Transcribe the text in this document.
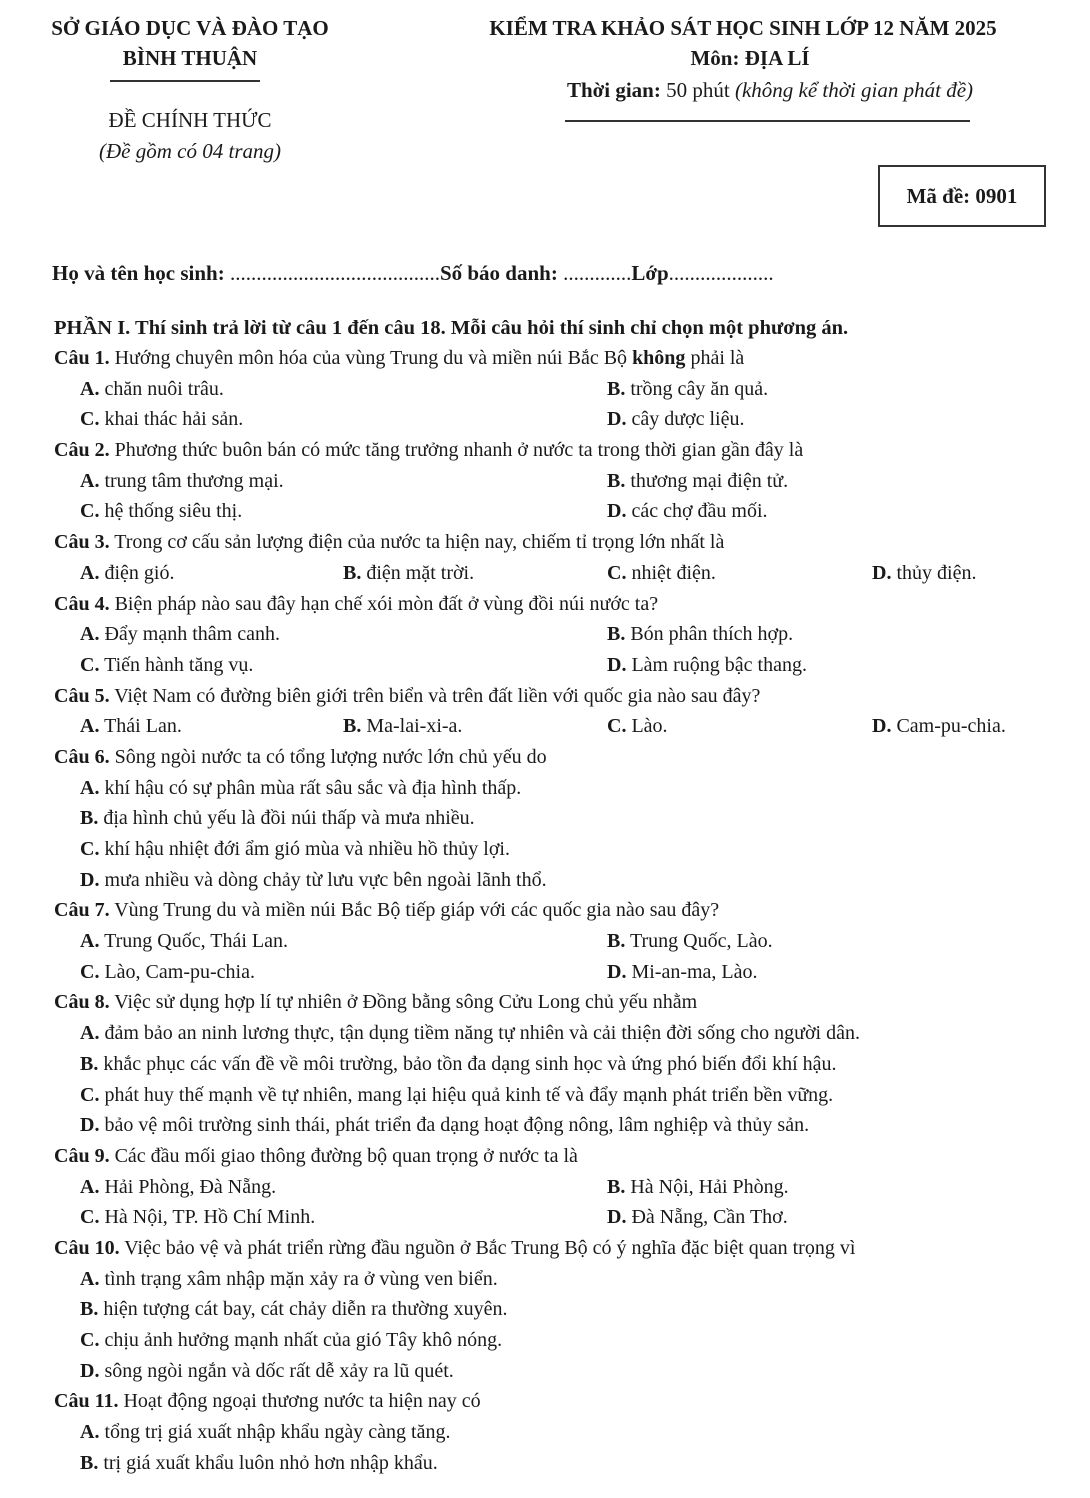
SỞ GIÁO DỤC VÀ ĐÀO TẠO
BÌNH THUẬN
ĐỀ CHÍNH THỨC
(Đề gồm có 04 trang)
KIỂM TRA KHẢO SÁT HỌC SINH LỚP 12 NĂM 2025
Môn: ĐỊA LÍ
Thời gian: 50 phút (không kể thời gian phát đề)
Mã đề: 0901
Họ và tên học sinh: ........................................Số báo danh: .............Lớp....................
PHẦN I. Thí sinh trả lời từ câu 1 đến câu 18. Mỗi câu hỏi thí sinh chỉ chọn một phương án.
Câu 1. Hướng chuyên môn hóa của vùng Trung du và miền núi Bắc Bộ không phải là
A. chăn nuôi trâu.	B. trồng cây ăn quả.
C. khai thác hải sản.	D. cây dược liệu.
Câu 2. Phương thức buôn bán có mức tăng trưởng nhanh ở nước ta trong thời gian gần đây là
A. trung tâm thương mại.	B. thương mại điện tử.
C. hệ thống siêu thị.	D. các chợ đầu mối.
Câu 3. Trong cơ cấu sản lượng điện của nước ta hiện nay, chiếm tỉ trọng lớn nhất là
A. điện gió.	B. điện mặt trời.	C. nhiệt điện.	D. thủy điện.
Câu 4. Biện pháp nào sau đây hạn chế xói mòn đất ở vùng đồi núi nước ta?
A. Đẩy mạnh thâm canh.	B. Bón phân thích hợp.
C. Tiến hành tăng vụ.	D. Làm ruộng bậc thang.
Câu 5. Việt Nam có đường biên giới trên biển và trên đất liền với quốc gia nào sau đây?
A. Thái Lan.	B. Ma-lai-xi-a.	C. Lào.	D. Cam-pu-chia.
Câu 6. Sông ngòi nước ta có tổng lượng nước lớn chủ yếu do
A. khí hậu có sự phân mùa rất sâu sắc và địa hình thấp.
B. địa hình chủ yếu là đồi núi thấp và mưa nhiều.
C. khí hậu nhiệt đới ẩm gió mùa và nhiều hồ thủy lợi.
D. mưa nhiều và dòng chảy từ lưu vực bên ngoài lãnh thổ.
Câu 7. Vùng Trung du và miền núi Bắc Bộ tiếp giáp với các quốc gia nào sau đây?
A. Trung Quốc, Thái Lan.	B. Trung Quốc, Lào.
C. Lào, Cam-pu-chia.	D. Mi-an-ma, Lào.
Câu 8. Việc sử dụng hợp lí tự nhiên ở Đồng bằng sông Cửu Long chủ yếu nhằm
A. đảm bảo an ninh lương thực, tận dụng tiềm năng tự nhiên và cải thiện đời sống cho người dân.
B. khắc phục các vấn đề về môi trường, bảo tồn đa dạng sinh học và ứng phó biến đổi khí hậu.
C. phát huy thế mạnh về tự nhiên, mang lại hiệu quả kinh tế và đẩy mạnh phát triển bền vững.
D. bảo vệ môi trường sinh thái, phát triển đa dạng hoạt động nông, lâm nghiệp và thủy sản.
Câu 9. Các đầu mối giao thông đường bộ quan trọng ở nước ta là
A. Hải Phòng, Đà Nẵng.	B. Hà Nội, Hải Phòng.
C. Hà Nội, TP. Hồ Chí Minh.	D. Đà Nẵng, Cần Thơ.
Câu 10. Việc bảo vệ và phát triển rừng đầu nguồn ở Bắc Trung Bộ có ý nghĩa đặc biệt quan trọng vì
A. tình trạng xâm nhập mặn xảy ra ở vùng ven biển.
B. hiện tượng cát bay, cát chảy diễn ra thường xuyên.
C. chịu ảnh hưởng mạnh nhất của gió Tây khô nóng.
D. sông ngòi ngắn và dốc rất dễ xảy ra lũ quét.
Câu 11. Hoạt động ngoại thương nước ta hiện nay có
A. tổng trị giá xuất nhập khẩu ngày càng tăng.
B. trị giá xuất khẩu luôn nhỏ hơn nhập khẩu.
